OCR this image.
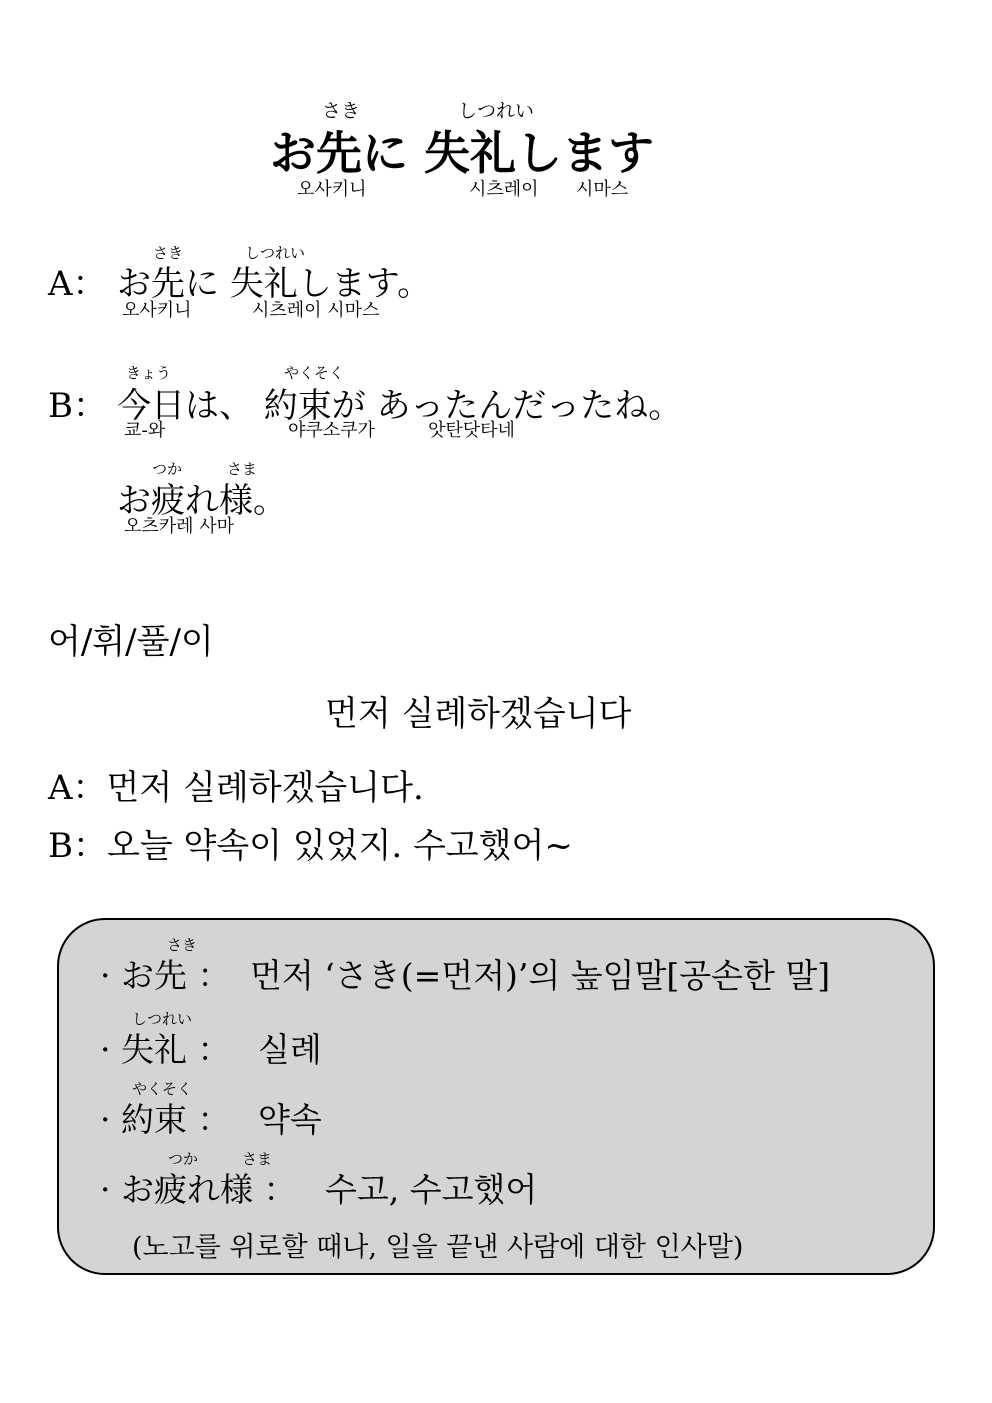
さき	しつれい
お先に 失礼します
오사키니	시츠레이 시마스
さき	しつれい
A： お先に 失礼します。
오사키니	시츠레이 시마스
きょう	やくそく
B： 今日は、 約束が あったんだったね。
쿄-와	야쿠소쿠가	앗탄닷타네
つか	さま
お疲れ様。
오츠카레 사마
어/휘/풀/이
먼저 실례하겠습니다
A：먼저 실례하겠습니다.
B：오늘 약속이 있었지. 수고했어~
さき
· お先 ： 먼저 ‘さき(=먼저)’의 높임말[공손한 말]
しつれい
· 失礼 ： 실례
やくそく
· 約束 ： 약속
つか	さま
· お疲れ様 ： 수고, 수고했어
(노고를 위로할 때나, 일을 끝낸 사람에 대한 인사말)
